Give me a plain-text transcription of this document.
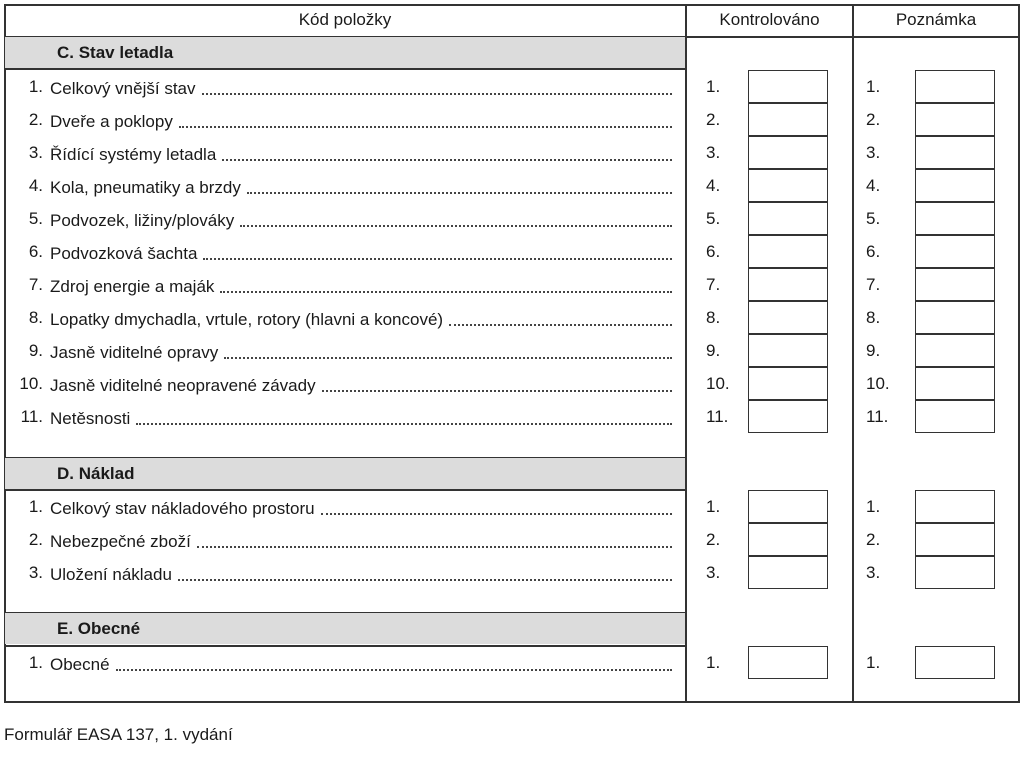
Kód položky	Kontrolováno	Poznámka
C. Stav letadla
1. Celkový vnější stav	1.	1.
2. Dveře a poklopy	2.	2.
3. Řídící systémy letadla	3.	3.
4. Kola, pneumatiky a brzdy	4.	4.
5. Podvozek, ližiny/plováky	5.	5.
6. Podvozková šachta	6.	6.
7. Zdroj energie a maják	7.	7.
8. Lopatky dmychadla, vrtule, rotory (hlavni a koncové)	8.	8.
9. Jasně viditelné opravy	9.	9.
10. Jasně viditelné neopravené závady	10.	10.
11. Netěsnosti	11.	11.
D. Náklad
1. Celkový stav nákladového prostoru	1.	1.
2. Nebezpečné zboží	2.	2.
3. Uložení nákladu	3.	3.
E. Obecné
1. Obecné	1.	1.
Formulář EASA 137, 1. vydání
